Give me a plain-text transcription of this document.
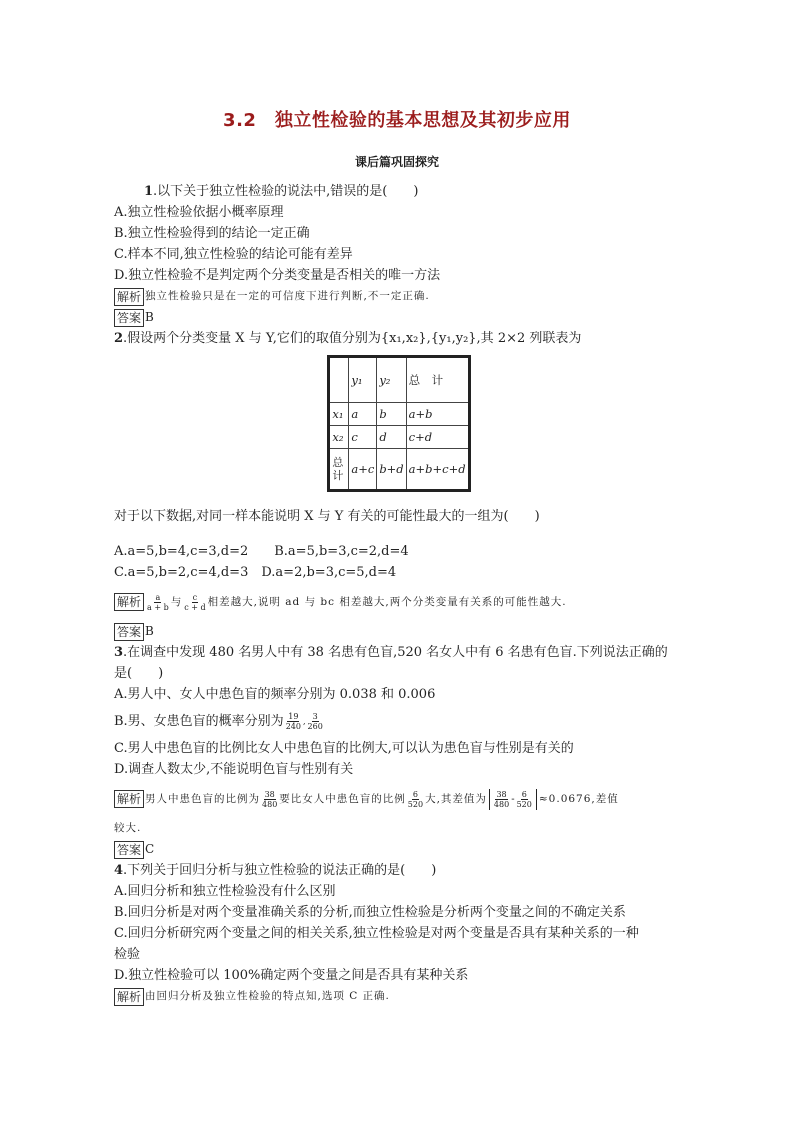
3.2　独立性检验的基本思想及其初步应用
课后篇巩固探究

1.以下关于独立性检验的说法中,错误的是(　　)

A.独立性检验依据小概率原理

B.独立性检验得到的结论一定正确

C.样本不同,独立性检验的结论可能有差异

D.独立性检验不是判定两个分类变量是否相关的唯一方法

解析 独立性检验只是在一定的可信度下进行判断,不一定正确.

答案 B

2.假设两个分类变量 X 与 Y,它们的取值分别为{x₁,x₂},{y₁,y₂},其 2×2 列联表为

	y₁	y₂	总　计
x₁	a	b	a+b
x₂	c	d	c+d
总计	a+c	b+d	a+b+c+d

对于以下数据,对同一样本能说明 X 与 Y 有关的可能性最大的一组为(　　)

A.a=5,b=4,c=3,d=2　　B.a=5,b=3,c=2,d=4

C.a=5,b=2,c=4,d=3　D.a=2,b=3,c=5,d=4

解析 $\frac{a}{a + b}$ 与 $\frac{c}{c + d}$ 相差越大,说明 ad 与 bc 相差越大,两个分类变量有关系的可能性越大.

答案 B

3.在调查中发现 480 名男人中有 38 名患有色盲,520 名女人中有 6 名患有色盲.下列说法正确的

是(　　)

A.男人中、女人中患色盲的频率分别为 0.038 和 0.006

B.男、女患色盲的概率分别为 $\frac{19}{240}$ , $\frac{3}{260}$

C.男人中患色盲的比例比女人中患色盲的比例大,可以认为患色盲与性别是有关的

D.调查人数太少,不能说明色盲与性别有关

解析 男人中患色盲的比例为 $\frac{38}{480}$ 要比女人中患色盲的比例 $\frac{6}{520}$ 大,其差值为 $\frac{38}{480} - \frac{6}{520} \approx 0.0676$,差值

较大.

答案 C

4.下列关于回归分析与独立性检验的说法正确的是(　　)

A.回归分析和独立性检验没有什么区别

B.回归分析是对两个变量准确关系的分析,而独立性检验是分析两个变量之间的不确定关系

C.回归分析研究两个变量之间的相关关系,独立性检验是对两个变量是否具有某种关系的一种

检验

D.独立性检验可以 100%确定两个变量之间是否具有某种关系

解析 由回归分析及独立性检验的特点知,选项 C 正确.
